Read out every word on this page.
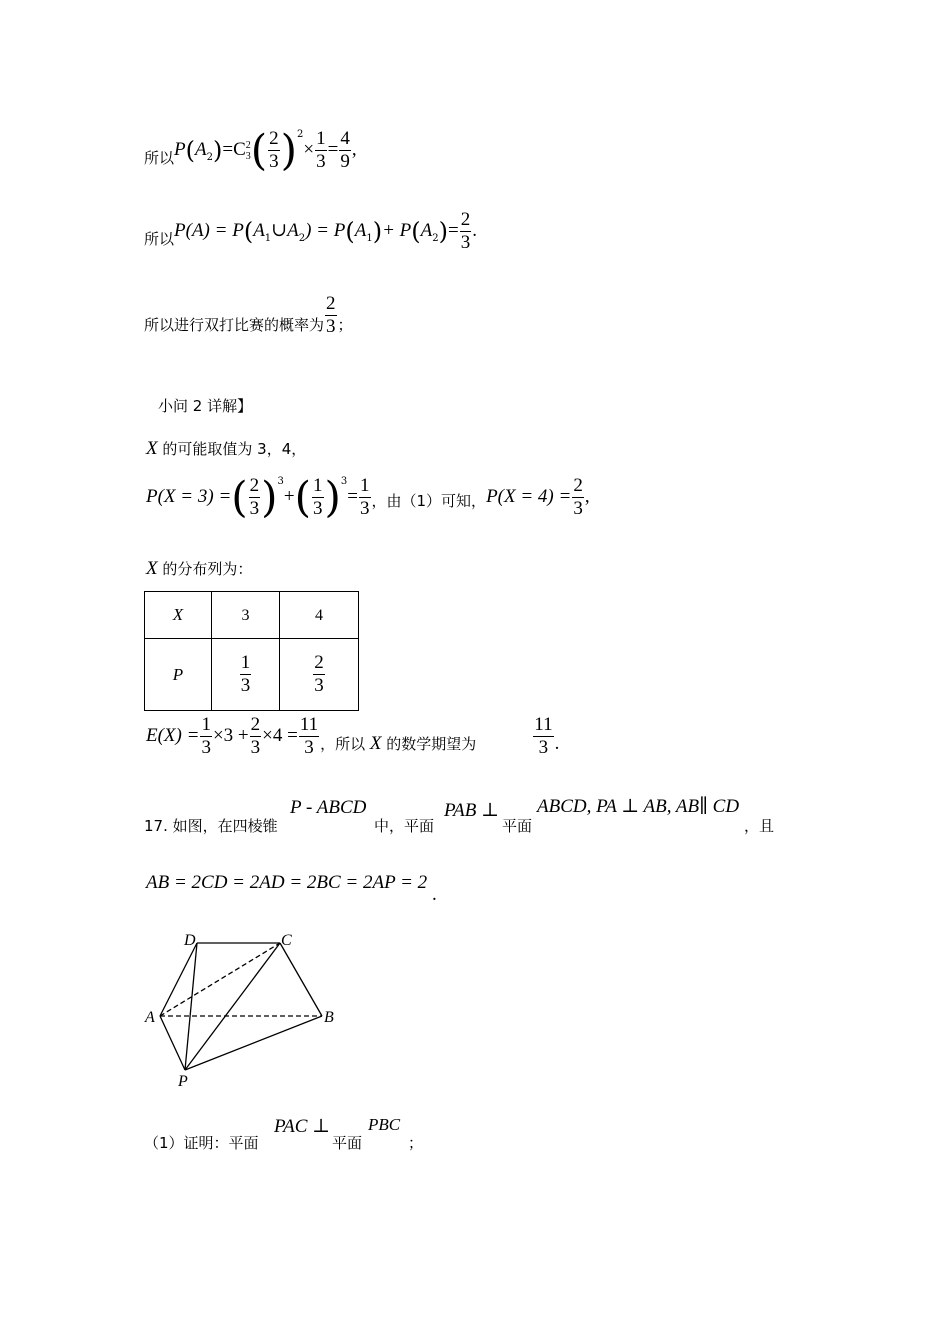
所以$P(A_2)=C$ 2
3 ( $\frac{2}{3} )^2\times \frac{1}{3} = \frac{4}{9}$ ,
所以$P(A) = P(A_1\cup A_2) = P(A_1)+ P(A_2)= \frac{2}{3}$ .
所以进行双打比赛的概率为 $\frac{2}{3}$ ；
小问 2 详解】
X 的可能取值为 3，4，
P(X = 3) =( $\frac{2}{3} )^3+( \frac{1}{3} )^3= \frac{1}{3}$ ，由（1）可知，$P(X = 4) = \frac{2}{3}$ ,
X 的分布列为：
X	3	4
P	$\frac{1}{3}$	$\frac{2}{3}$
$E(X) = \frac{1}{3} \times 3 + \frac{2}{3} \times 4 = \frac{11}{3}$ ，所以 X 的数学期望为	$\frac{11}{3}$ .
17. 如图，在四棱锥
P - ABCD
中，平面
PAB ⊥
平面
ABCD, PA ⊥ AB, AB∥ CD
，且
AB = 2CD = 2AD = 2BC = 2AP = 2
.
D	C
A	B
P
（1）证明：平面
PAC ⊥
平面
PBC
；
